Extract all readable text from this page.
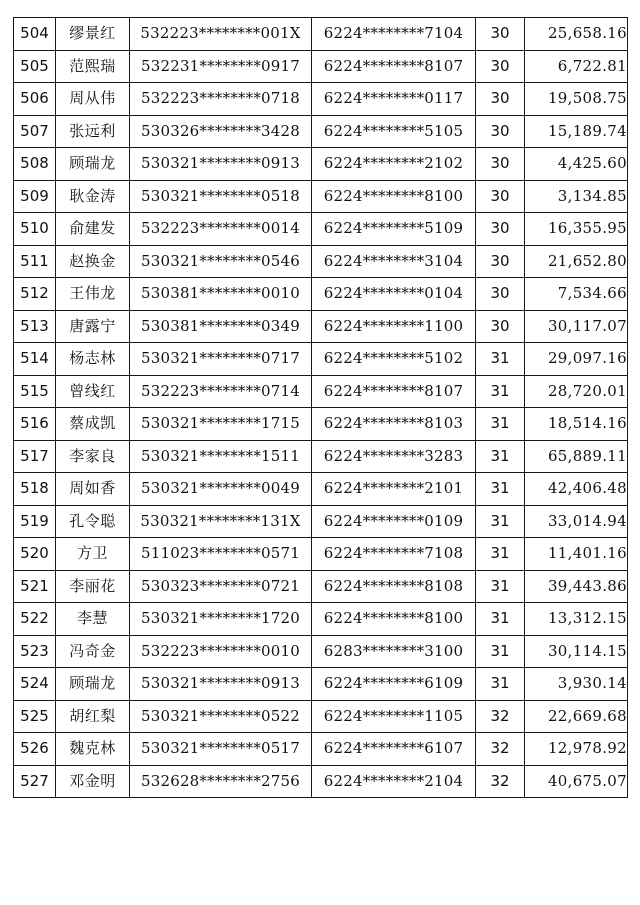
504	缪景红	532223********001X	6224********7104	30	25,658.16
505	范熙瑞	532231********0917	6224********8107	30	6,722.81
506	周从伟	532223********0718	6224********0117	30	19,508.75
507	张远利	530326********3428	6224********5105	30	15,189.74
508	顾瑞龙	530321********0913	6224********2102	30	4,425.60
509	耿金涛	530321********0518	6224********8100	30	3,134.85
510	俞建发	532223********0014	6224********5109	30	16,355.95
511	赵换金	530321********0546	6224********3104	30	21,652.80
512	王伟龙	530381********0010	6224********0104	30	7,534.66
513	唐露宁	530381********0349	6224********1100	30	30,117.07
514	杨志林	530321********0717	6224********5102	31	29,097.16
515	曾线红	532223********0714	6224********8107	31	28,720.01
516	蔡成凯	530321********1715	6224********8103	31	18,514.16
517	李家良	530321********1511	6224********3283	31	65,889.11
518	周如香	530321********0049	6224********2101	31	42,406.48
519	孔令聪	530321********131X	6224********0109	31	33,014.94
520	方卫	511023********0571	6224********7108	31	11,401.16
521	李丽花	530323********0721	6224********8108	31	39,443.86
522	李慧	530321********1720	6224********8100	31	13,312.15
523	冯奇金	532223********0010	6283********3100	31	30,114.15
524	顾瑞龙	530321********0913	6224********6109	31	3,930.14
525	胡红梨	530321********0522	6224********1105	32	22,669.68
526	魏克林	530321********0517	6224********6107	32	12,978.92
527	邓金明	532628********2756	6224********2104	32	40,675.07
